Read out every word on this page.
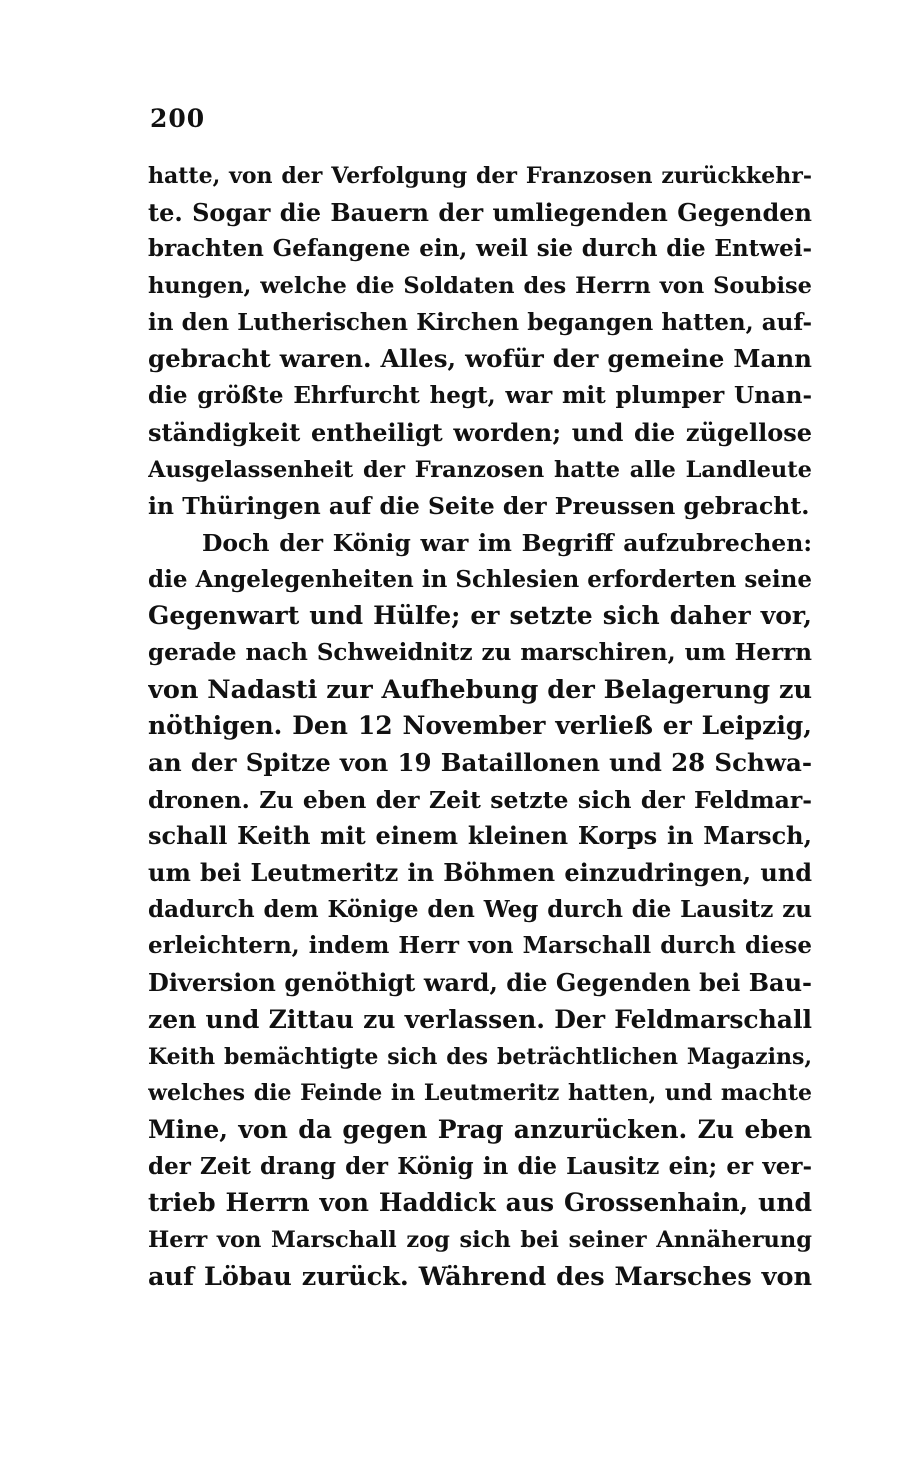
200
hatte, von der Verfolgung der Franzosen zurückkehr-
te. Sogar die Bauern der umliegenden Gegenden
brachten Gefangene ein, weil sie durch die Entwei-
hungen, welche die Soldaten des Herrn von Soubise
in den Lutherischen Kirchen begangen hatten, auf-
gebracht waren. Alles, wofür der gemeine Mann
die größte Ehrfurcht hegt, war mit plumper Unan-
ständigkeit entheiligt worden; und die zügellose
Ausgelassenheit der Franzosen hatte alle Landleute
in Thüringen auf die Seite der Preussen gebracht.
Doch der König war im Begriff aufzubrechen:
die Angelegenheiten in Schlesien erforderten seine
Gegenwart und Hülfe; er setzte sich daher vor,
gerade nach Schweidnitz zu marschiren, um Herrn
von Nadasti zur Aufhebung der Belagerung zu
nöthigen. Den 12 November verließ er Leipzig,
an der Spitze von 19 Bataillonen und 28 Schwa-
dronen. Zu eben der Zeit setzte sich der Feldmar-
schall Keith mit einem kleinen Korps in Marsch,
um bei Leutmeritz in Böhmen einzudringen, und
dadurch dem Könige den Weg durch die Lausitz zu
erleichtern, indem Herr von Marschall durch diese
Diversion genöthigt ward, die Gegenden bei Bau-
zen und Zittau zu verlassen. Der Feldmarschall
Keith bemächtigte sich des beträchtlichen Magazins,
welches die Feinde in Leutmeritz hatten, und machte
Mine, von da gegen Prag anzurücken. Zu eben
der Zeit drang der König in die Lausitz ein; er ver-
trieb Herrn von Haddick aus Grossenhain, und
Herr von Marschall zog sich bei seiner Annäherung
auf Löbau zurück. Während des Marsches von
